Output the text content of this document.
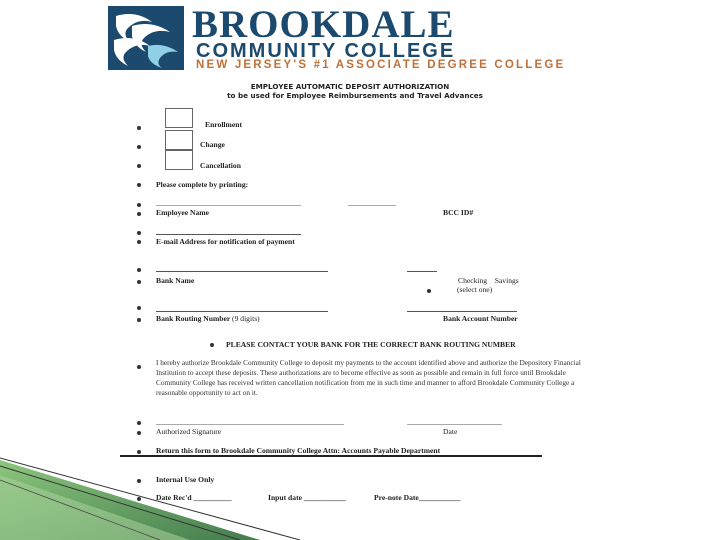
BROOKDALE
COMMUNITY COLLEGE
NEW JERSEY'S #1 ASSOCIATE DEGREE COLLEGE
EMPLOYEE AUTOMATIC DEPOSIT AUTHORIZATION
to be used for Employee Reimbursements and Travel Advances
Enrollment
Change
Cancellation
Please complete by printing:
Employee Name	BCC ID#
E-mail Address for notification of payment
Bank Name	Checking    Savings
(select one)
Bank Routing Number (9 digits)	Bank Account Number
PLEASE CONTACT YOUR BANK FOR THE CORRECT BANK ROUTING NUMBER
I hereby authorize Brookdale Community College to deposit my payments to the account identified above and authorize the Depository Financial Institution to accept these deposits. These authorizations are to become effective as soon as possible and remain in full force until Brookdale Community College has received written cancellation notification from me in such time and manner to afford Brookdale Community College a reasonable opportunity to act on it.
Authorized Signature	Date
Return this form to Brookdale Community College Attn: Accounts Payable Department
Internal Use Only
Date Rec'd __________	Input date ___________	Pre-note Date___________
